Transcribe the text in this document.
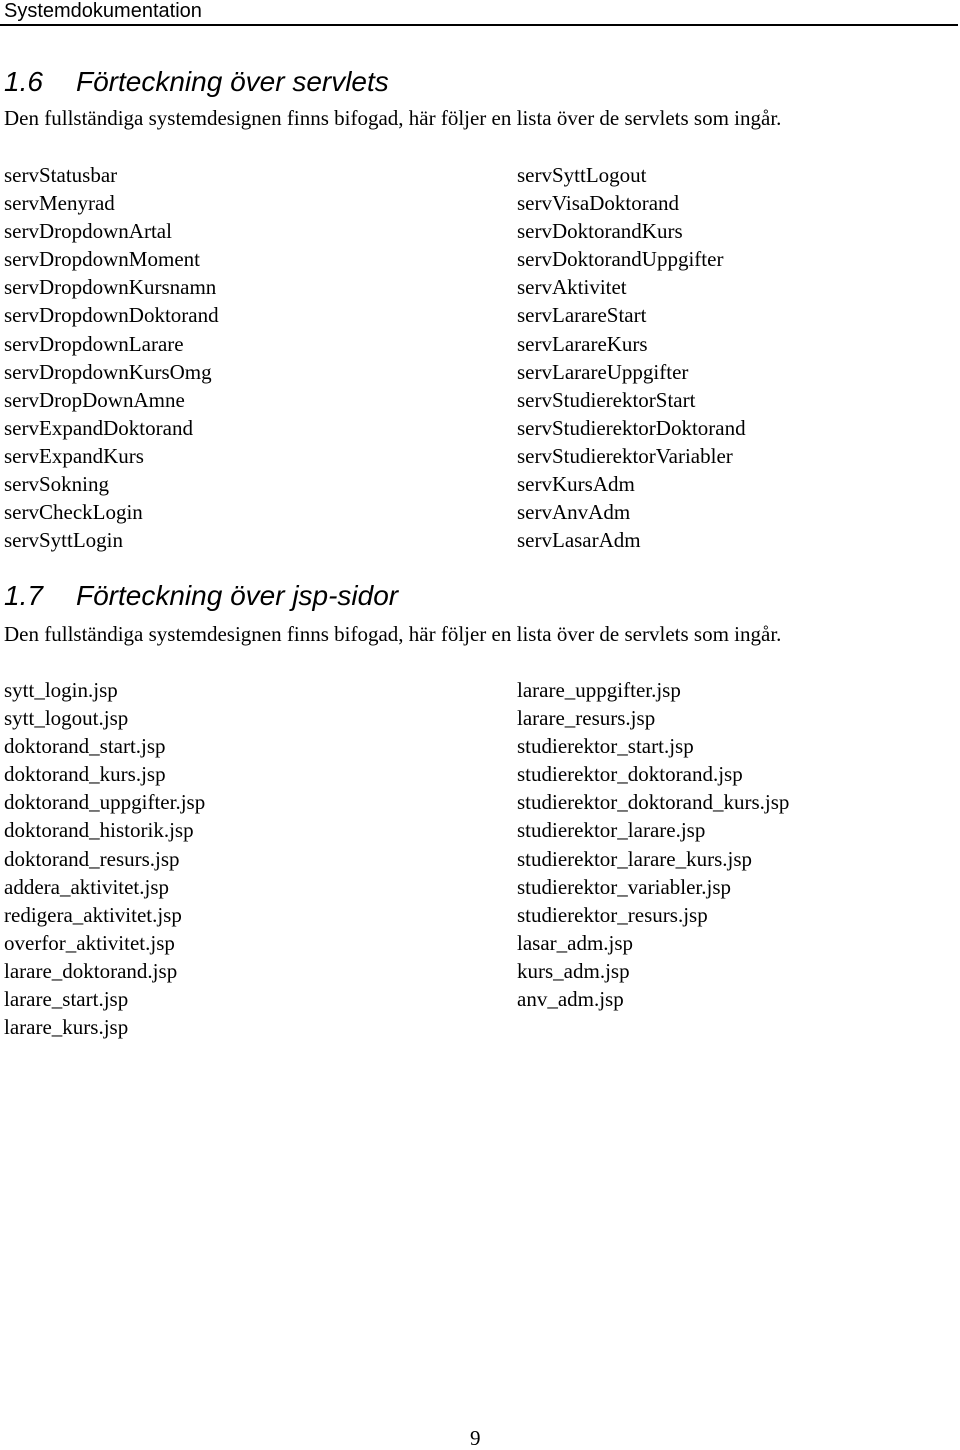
Systemdokumentation
1.6 Förteckning över servlets
Den fullständiga systemdesignen finns bifogad, här följer en lista över de servlets som ingår.
servStatusbar
servMenyrad
servDropdownArtal
servDropdownMoment
servDropdownKursnamn
servDropdownDoktorand
servDropdownLarare
servDropdownKursOmg
servDropDownAmne
servExpandDoktorand
servExpandKurs
servSokning
servCheckLogin
servSyttLogin
servSyttLogout
servVisaDoktorand
servDoktorandKurs
servDoktorandUppgifter
servAktivitet
servLarareStart
servLarareKurs
servLarareUppgifter
servStudierektorStart
servStudierektorDoktorand
servStudierektorVariabler
servKursAdm
servAnvAdm
servLasarAdm
1.7 Förteckning över jsp-sidor
Den fullständiga systemdesignen finns bifogad, här följer en lista över de servlets som ingår.
sytt_login.jsp
sytt_logout.jsp
doktorand_start.jsp
doktorand_kurs.jsp
doktorand_uppgifter.jsp
doktorand_historik.jsp
doktorand_resurs.jsp
addera_aktivitet.jsp
redigera_aktivitet.jsp
overfor_aktivitet.jsp
larare_doktorand.jsp
larare_start.jsp
larare_kurs.jsp
larare_uppgifter.jsp
larare_resurs.jsp
studierektor_start.jsp
studierektor_doktorand.jsp
studierektor_doktorand_kurs.jsp
studierektor_larare.jsp
studierektor_larare_kurs.jsp
studierektor_variabler.jsp
studierektor_resurs.jsp
lasar_adm.jsp
kurs_adm.jsp
anv_adm.jsp
9
